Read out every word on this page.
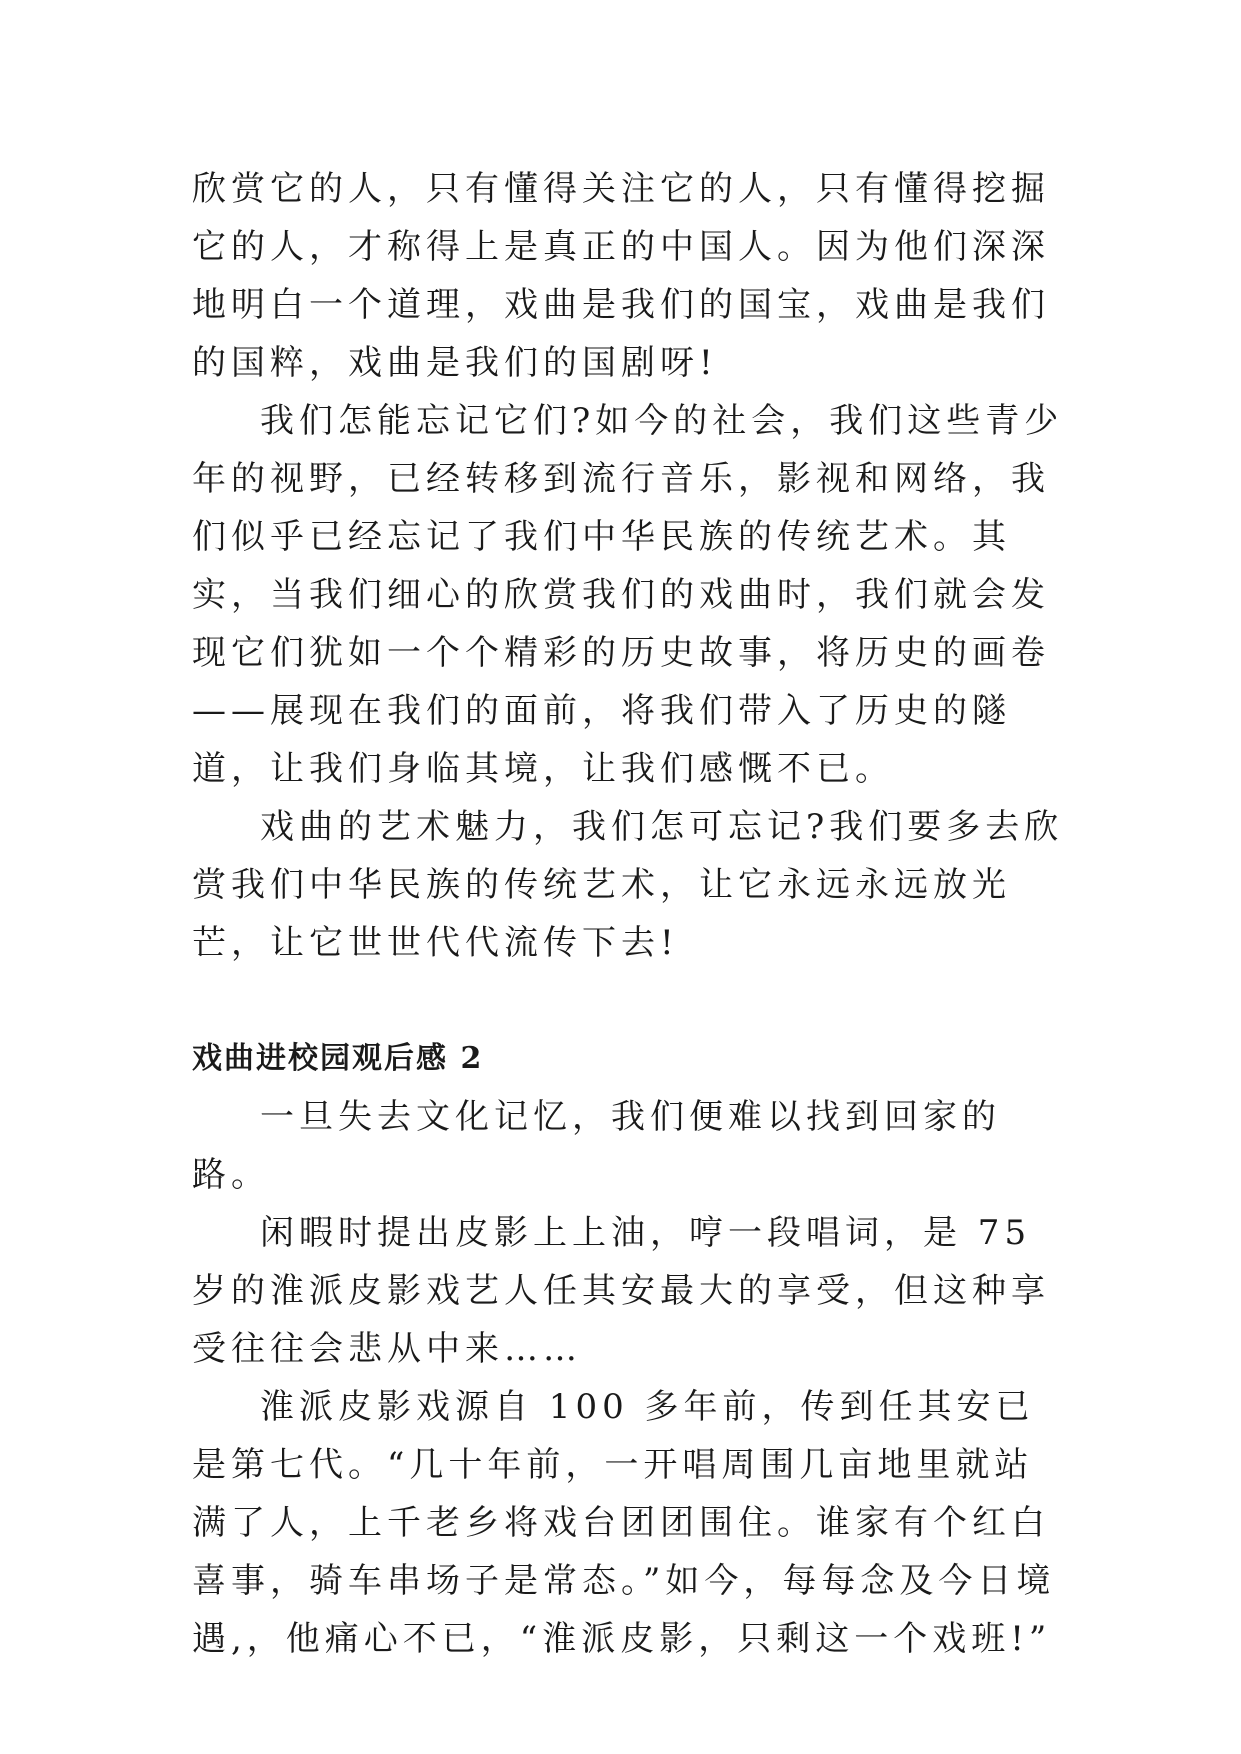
欣赏它的人，只有懂得关注它的人，只有懂得挖掘它的人，才称得上是真正的中国人。因为他们深深地明白一个道理，戏曲是我们的国宝，戏曲是我们的国粹，戏曲是我们的国剧呀!

我们怎能忘记它们?如今的社会，我们这些青少年的视野，已经转移到流行音乐，影视和网络，我们似乎已经忘记了我们中华民族的传统艺术。其实，当我们细心的欣赏我们的戏曲时，我们就会发现它们犹如一个个精彩的历史故事，将历史的画卷——展现在我们的面前，将我们带入了历史的隧道，让我们身临其境，让我们感慨不已。

戏曲的艺术魅力，我们怎可忘记?我们要多去欣赏我们中华民族的传统艺术，让它永远永远放光芒，让它世世代代流传下去!

戏曲进校园观后感 2

一旦失去文化记忆，我们便难以找到回家的路。

闲暇时提出皮影上上油，哼一段唱词，是 75 岁的淮派皮影戏艺人任其安最大的享受，但这种享受往往会悲从中来……

淮派皮影戏源自 100 多年前，传到任其安已是第七代。“几十年前，一开唱周围几亩地里就站满了人，上千老乡将戏台团团围住。谁家有个红白喜事，骑车串场子是常态。”如今，每每念及今日境遇,，他痛心不已，“淮派皮影，只剩这一个戏班!”
